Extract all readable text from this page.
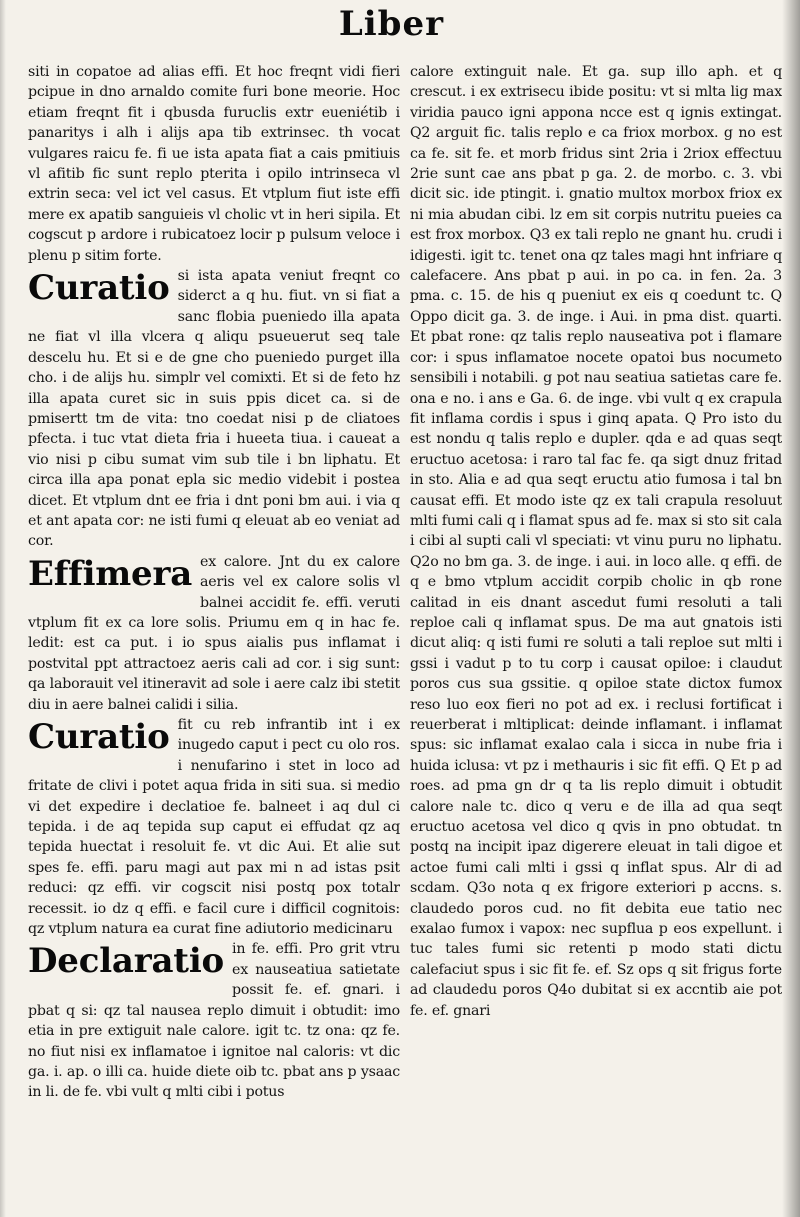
Liber

siti in copatoe ad alias effi. Et hoc freqnt vidi fieri pcipue in dno arnaldo comite furi bone meorie. Hoc etiam freqnt fit i qbusda furuclis extr eueniétib i panaritys i alh i alijs apa tib extrinsec. th vocat vulgares raicu fe. fi ue ista apata fiat a cais pmitiuis vl afitib fic sunt replo pterita i opilo intrinseca vl extrin seca: vel ict vel casus. Et vtplum fiut iste effi mere ex apatib sanguieis vl cholic vt in heri sipila. Et cogscut p ardore i rubicatoez locir p pulsum veloce i plenu p sitim forte.

Curatio si ista apata veniut freqnt co siderct a q hu. fiut. vn si fiat a sanc flobia pueniedo illa apata ne fiat vl illa vlcera q aliqu psueuerut seq tale descelu hu. Et si e de gne cho pueniedo purget illa cho. i de alijs hu. simplr vel comixti. Et si de feto hz illa apata curet sic in suis ppis dicet ca. si de pmisertt tm de vita: tno coedat nisi p de cliatoes pfecta. i tuc vtat dieta fria i hueeta tiua. i caueat a vio nisi p cibu sumat vim sub tile i bn liphatu. Et circa illa apa ponat epla sic medio videbit i postea dicet. Et vtplum dnt ee fria i dnt poni bm aui. i via q et ant apata cor: ne isti fumi q eleuat ab eo veniat ad cor.
Effimera ex calore. Jnt du ex calore aeris vel ex calore solis vl balnei accidit fe. effi. veruti vtplum fit ex ca lore solis. Priumu em q in hac fe. ledit: est ca put. i io spus aialis pus inflamat i postvital ppt attractoez aeris cali ad cor. i sig sunt: qa laborauit vel itineravit ad sole i aere calz ibi stetit diu in aere balnei calidi i silia.
Curatio fit cu reb infrantib int i ex inugedo caput i pect cu olo ros. i nenufarino i stet in loco ad fritate de clivi i potet aqua frida in siti sua. si medio vi det expedire i declatioe fe. balneet i aq dul ci tepida. i de aq tepida sup caput ei effudat qz aq tepida huectat i resoluit fe. vt dic Aui. Et alie sut spes fe. effi. paru magi aut pax mi n ad istas psit reduci: qz effi. vir cogscit nisi postq pox totalr recessit. io dz q effi. e facil cure i difficil cognitois: qz vtplum natura ea curat fine adiutorio medicinaru
Declaratio in fe. effi. Pro grit vtru ex nauseatiua satietate possit fe. ef. gnari. i pbat q si: qz tal nausea replo dimuit i obtudit: imo etia in pre extiguit nale calore. igit tc. tz ona: qz fe. no fiut nisi ex inflamatoe i ignitoe nal caloris: vt dic ga. i. ap. o illi ca. huide diete oib tc. pbat ans p ysaac in li. de fe. vbi vult q mlti cibi i potus

calore extinguit nale. Et ga. sup illo aph. et q crescut. i ex extrisecu ibide positu: vt si mlta lig max viridia pauco igni appona ncce est q ignis extingat. Q2 arguit fic. talis replo e ca friox morbox. g no est ca fe. sit fe. et morb fridus sint 2ria i 2riox effectuu 2rie sunt cae ans pbat p ga. 2. de morbo. c. 3. vbi dicit sic. ide ptingit. i. gnatio multox morbox friox ex ni mia abudan cibi. lz em sit corpis nutritu pueies ca est frox morbox. Q3 ex tali replo ne gnant hu. crudi i idigesti. igit tc. tenet ona qz tales magi hnt infriare q calefacere. Ans pbat p aui. in po ca. in fen. 2a. 3 pma. c. 15. de his q pueniut ex eis q coedunt tc. Q Oppo dicit ga. 3. de inge. i Aui. in pma dist. quarti. Et pbat rone: qz talis replo nauseativa pot i flamare cor: i spus inflamatoe nocete opatoi bus nocumeto sensibili i notabili. g pot nau seatiua satietas care fe. ona e no. i ans e Ga. 6. de inge. vbi vult q ex crapula fit inflama cordis i spus i ginq apata. Q Pro isto du est nondu q talis replo e dupler. qda e ad quas seqt eructuo acetosa: i raro tal fac fe. qa sigt dnuz fritad in sto. Alia e ad qua seqt eructu atio fumosa i tal bn causat effi. Et modo iste qz ex tali crapula resoluut mlti fumi cali q i flamat spus ad fe. max si sto sit cala i cibi al supti cali vl speciati: vt vinu puru no liphatu. Q2o no bm ga. 3. de inge. i aui. in loco alle. q effi. de q e bmo vtplum accidit corpib cholic in qb rone calitad in eis dnant ascedut fumi resoluti a tali reploe cali q inflamat spus. De ma aut gnatois isti dicut aliq: q isti fumi re soluti a tali reploe sut mlti i gssi i vadut p to tu corp i causat opiloe: i claudut poros cus sua gssitie. q opiloe state dictox fumox reso luo eox fieri no pot ad ex. i reclusi fortificat i reuerberat i mltiplicat: deinde inflamant. i inflamat spus: sic inflamat exalao cala i sicca in nube fria i huida iclusa: vt pz i methauris i sic fit effi. Q Et p ad roes. ad pma gn dr q ta lis replo dimuit i obtudit calore nale tc. dico q veru e de illa ad qua seqt eructuo acetosa vel dico q qvis in pno obtudat. tn postq na incipit ipaz digerere eleuat in tali digoe et actoe fumi cali mlti i gssi q inflat spus. Alr di ad scdam. Q3o nota q ex frigore exteriori p accns. s. claudedo poros cud. no fit debita eue tatio nec exalao fumox i vapox: nec supflua p eos expellunt. i tuc tales fumi sic retenti p modo stati dictu calefaciut spus i sic fit fe. ef. Sz ops q sit frigus forte ad claudedu poros Q4o dubitat si ex accntib aie pot fe. ef. gnari
